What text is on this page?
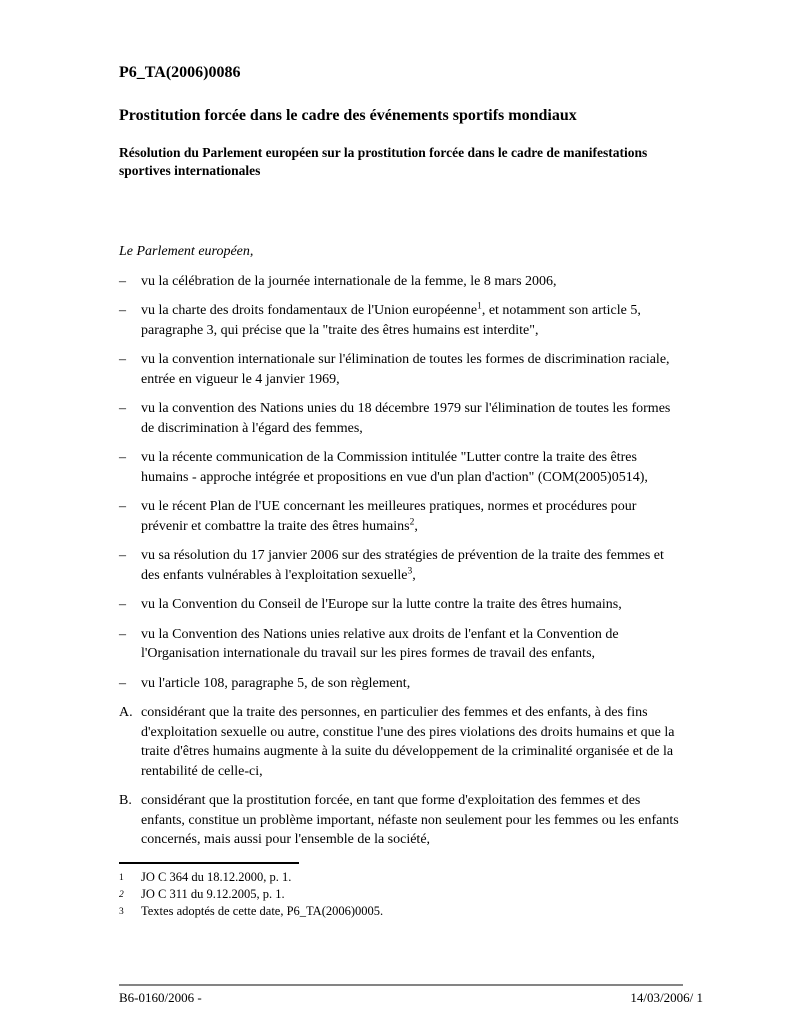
P6_TA(2006)0086

Prostitution forcée dans le cadre des événements sportifs mondiaux
Résolution du Parlement européen sur la prostitution forcée dans le cadre de manifestations sportives internationales

Le Parlement européen,

–	vu la célébration de la journée internationale de la femme, le 8 mars 2006,
–	vu la charte des droits fondamentaux de l'Union européenne$^1$, et notamment son article 5, paragraphe 3, qui précise que la "traite des êtres humains est interdite",
–	vu la convention internationale sur l'élimination de toutes les formes de discrimination raciale, entrée en vigueur le 4 janvier 1969,
–	vu la convention des Nations unies du 18 décembre 1979 sur l'élimination de toutes les formes de discrimination à l'égard des femmes,
–	vu la récente communication de la Commission intitulée "Lutter contre la traite des êtres humains - approche intégrée et propositions en vue d'un plan d'action" (COM(2005)0514),
–	vu le récent Plan de l'UE concernant les meilleures pratiques, normes et procédures pour prévenir et combattre la traite des êtres humains$^2$,
–	vu sa résolution du 17 janvier 2006 sur des stratégies de prévention de la traite des femmes et des enfants vulnérables à l'exploitation sexuelle$^3$,
–	vu la Convention du Conseil de l'Europe sur la lutte contre la traite des êtres humains,
–	vu la Convention des Nations unies relative aux droits de l'enfant et la Convention de l'Organisation internationale du travail sur les pires formes de travail des enfants,
–	vu l'article 108, paragraphe 5, de son règlement,
A. considérant que la traite des personnes, en particulier des femmes et des enfants, à des fins d'exploitation sexuelle ou autre, constitue l'une des pires violations des droits humains et que la traite d'êtres humains augmente à la suite du développement de la criminalité organisée et de la rentabilité de celle-ci,
B. considérant que la prostitution forcée, en tant que forme d'exploitation des femmes et des enfants, constitue un problème important, néfaste non seulement pour les femmes ou les enfants concernés, mais aussi pour l'ensemble de la société,
1	JO C 364 du 18.12.2000, p. 1.
2	JO C 311 du 9.12.2005, p. 1.
3	Textes adoptés de cette date, P6_TA(2006)0005.
B6-0160/2006 -	14/03/2006/ 1
